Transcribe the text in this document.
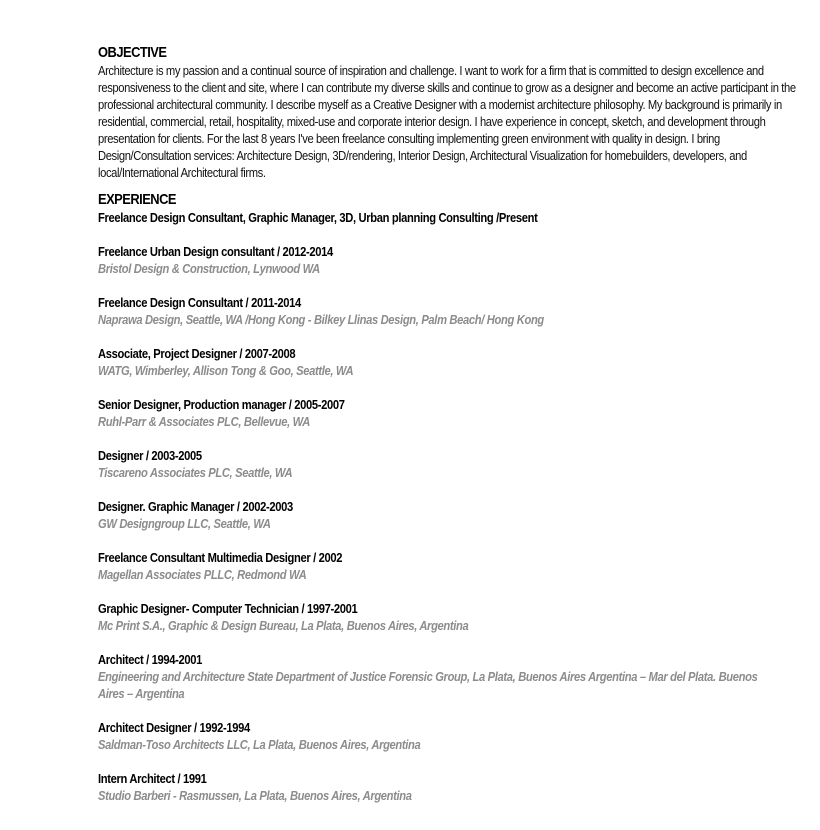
OBJECTIVE

Architecture is my passion and a continual source of inspiration and challenge. I want to work for a firm that is committed to design excellence and responsiveness to the client and site, where I can contribute my diverse skills and continue to grow as a designer and become an active participant in the professional architectural community. I describe myself as a Creative Designer with a modernist architecture philosophy. My background is primarily in residential, commercial, retail, hospitality, mixed-use and corporate interior design. I have experience in concept, sketch, and development through presentation for clients. For the last 8 years I've been freelance consulting implementing green environment with quality in design. I bring Design/Consultation services: Architecture Design, 3D/rendering, Interior Design, Architectural Visualization for homebuilders, developers, and local/International Architectural firms.

EXPERIENCE

Freelance Design Consultant, Graphic Manager, 3D, Urban planning Consulting /Present

Freelance Urban Design consultant / 2012-2014

Bristol Design & Construction, Lynwood WA

Freelance Design Consultant / 2011-2014

Naprawa Design, Seattle, WA /Hong Kong - Bilkey Llinas Design, Palm Beach/ Hong Kong

Associate, Project Designer / 2007-2008

WATG, Wimberley, Allison Tong & Goo, Seattle, WA

Senior Designer, Production manager / 2005-2007

Ruhl-Parr & Associates PLC, Bellevue, WA

Designer / 2003-2005

Tiscareno Associates PLC, Seattle, WA

Designer. Graphic Manager / 2002-2003

GW Designgroup LLC, Seattle, WA

Freelance Consultant Multimedia Designer / 2002

Magellan Associates PLLC, Redmond WA

Graphic Designer- Computer Technician / 1997-2001

Mc Print S.A., Graphic & Design Bureau, La Plata, Buenos Aires, Argentina

Architect / 1994-2001

Engineering and Architecture State Department of Justice Forensic Group, La Plata, Buenos Aires Argentina – Mar del Plata. Buenos Aires – Argentina

Architect Designer / 1992-1994

Saldman-Toso Architects LLC, La Plata, Buenos Aires, Argentina

Intern Architect / 1991

Studio Barberi - Rasmussen, La Plata, Buenos Aires, Argentina
